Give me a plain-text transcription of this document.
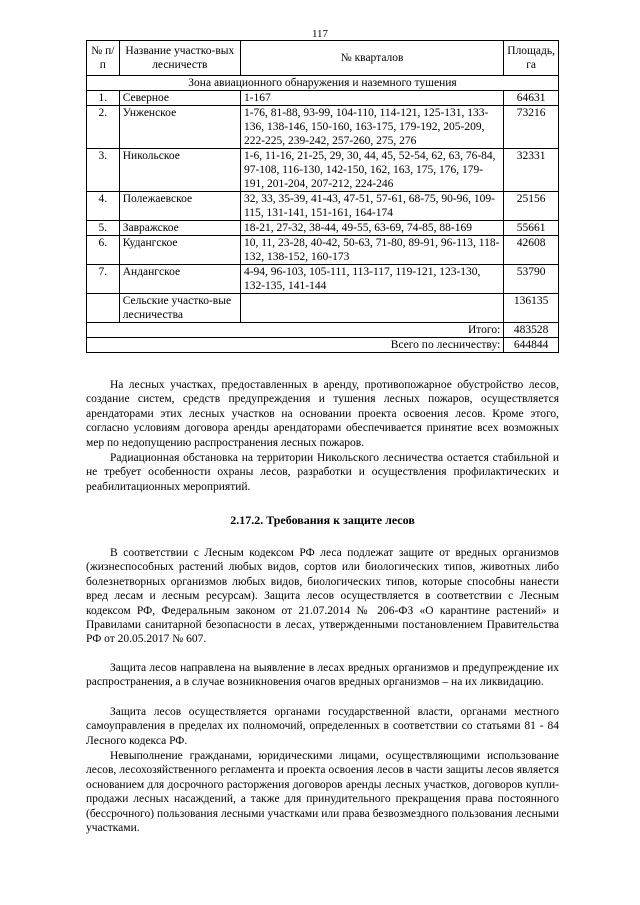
117
№ п/п	Название участко-вых лесничеств	№ кварталов	Площадь, га
Зона авиационного обнаружения и наземного тушения			
1.	Северное	1-167	64631
2.	Унженское	1-76, 81-88, 93-99, 104-110, 114-121, 125-131, 133-136, 138-146, 150-160, 163-175, 179-192, 205-209, 222-225, 239-242, 257-260, 275, 276	73216
3.	Никольское	1-6, 11-16, 21-25, 29, 30, 44, 45, 52-54, 62, 63, 76-84, 97-108, 116-130, 142-150, 162, 163, 175, 176, 179-191, 201-204, 207-212, 224-246	32331
4.	Полежаевское	32, 33, 35-39, 41-43, 47-51, 57-61, 68-75, 90-96, 109-115, 131-141, 151-161, 164-174	25156
5.	Завражское	18-21, 27-32, 38-44, 49-55, 63-69, 74-85, 88-169	55661
6.	Кудангское	10, 11, 23-28, 40-42, 50-63, 71-80, 89-91, 96-113, 118-132, 138-152, 160-173	42608
7.	Андангское	4-94, 96-103, 105-111, 113-117, 119-121, 123-130, 132-135, 141-144	53790
	Сельские участко-вые лесничества		136135
Итого:			483528
Всего по лесничеству:			644844

На лесных участках, предоставленных в аренду, противопожарное обустройство лесов, создание систем, средств предупреждения и тушения лесных пожаров, осуществляется арендаторами этих лесных участков на основании проекта освоения лесов. Кроме этого, согласно условиям договора аренды арендаторами обеспечивается принятие всех возможных мер по недопущению распространения лесных пожаров.

Радиационная обстановка на территории Никольского лесничества остается стабильной и не требует особенности охраны лесов, разработки и осуществления профилактических и реабилитационных мероприятий.

2.17.2. Требования к защите лесов

В соответствии с Лесным кодексом РФ леса подлежат защите от вредных организмов (жизнеспособных растений любых видов, сортов или биологических типов, животных либо болезнетворных организмов любых видов, биологических типов, которые способны нанести вред лесам и лесным ресурсам). Защита лесов осуществляется в соответствии с Лесным кодексом РФ, Федеральным законом от 21.07.2014 № 206-ФЗ «О карантине растений» и Правилами санитарной безопасности в лесах, утвержденными постановлением Правительства РФ от 20.05.2017 № 607.

Защита лесов направлена на выявление в лесах вредных организмов и предупреждение их распространения, а в случае возникновения очагов вредных организмов – на их ликвидацию.

Защита лесов осуществляется органами государственной власти, органами местного самоуправления в пределах их полномочий, определенных в соответствии со статьями 81 - 84 Лесного кодекса РФ.

Невыполнение гражданами, юридическими лицами, осуществляющими использование лесов, лесохозяйственного регламента и проекта освоения лесов в части защиты лесов является основанием для досрочного расторжения договоров аренды лесных участков, договоров купли-продажи лесных насаждений, а также для принудительного прекращения права постоянного (бессрочного) пользования лесными участками или права безвозмездного пользования лесными участками.
